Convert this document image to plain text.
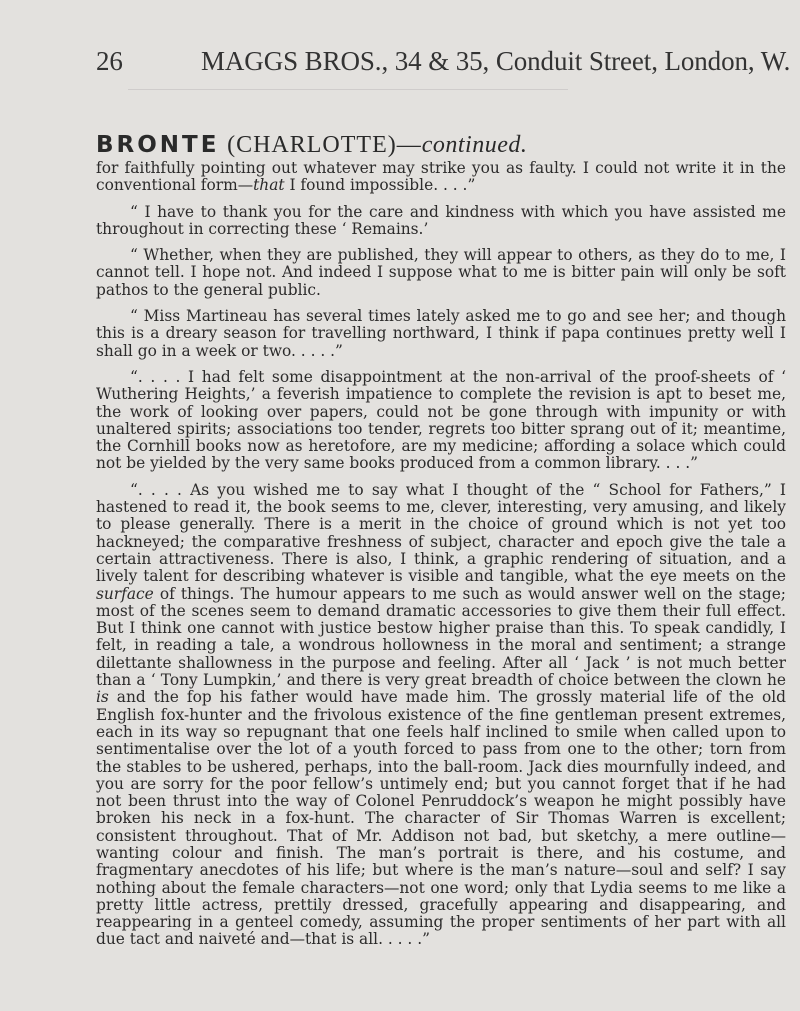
26	MAGGS BROS., 34 & 35, Conduit Street, London, W.
BRONTE (CHARLOTTE)—continued.

for faithfully pointing out whatever may strike you as faulty. I could not write it in the conventional form—that I found impossible. . . .”

“ I have to thank you for the care and kindness with which you have assisted me throughout in correcting these ‘ Remains.’

“ Whether, when they are published, they will appear to others, as they do to me, I cannot tell. I hope not. And indeed I suppose what to me is bitter pain will only be soft pathos to the general public.

“ Miss Martineau has several times lately asked me to go and see her; and though this is a dreary season for travelling northward, I think if papa continues pretty well I shall go in a week or two. . . . .”

“. . . . I had felt some disappointment at the non-arrival of the proof-sheets of ‘ Wuthering Heights,’ a feverish impatience to complete the revision is apt to beset me, the work of looking over papers, could not be gone through with impunity or with unaltered spirits; associations too tender, regrets too bitter sprang out of it; meantime, the Cornhill books now as heretofore, are my medicine; affording a solace which could not be yielded by the very same books produced from a common library. . . .”

“. . . . As you wished me to say what I thought of the “ School for Fathers,” I hastened to read it, the book seems to me, clever, interesting, very amusing, and likely to please generally. There is a merit in the choice of ground which is not yet too hackneyed; the comparative freshness of subject, character and epoch give the tale a certain attractiveness. There is also, I think, a graphic rendering of situation, and a lively talent for describing whatever is visible and tangible, what the eye meets on the surface of things. The humour appears to me such as would answer well on the stage; most of the scenes seem to demand dramatic accessories to give them their full effect. But I think one cannot with justice bestow higher praise than this. To speak candidly, I felt, in reading a tale, a wondrous hollowness in the moral and sentiment; a strange dilettante shallowness in the purpose and feeling. After all ‘ Jack ’ is not much better than a ‘ Tony Lumpkin,’ and there is very great breadth of choice between the clown he is and the fop his father would have made him. The grossly material life of the old English fox-hunter and the frivolous existence of the fine gentleman present extremes, each in its way so repugnant that one feels half inclined to smile when called upon to sentimentalise over the lot of a youth forced to pass from one to the other; torn from the stables to be ushered, perhaps, into the ball-room. Jack dies mournfully indeed, and you are sorry for the poor fellow’s untimely end; but you cannot forget that if he had not been thrust into the way of Colonel Penruddock’s weapon he might possibly have broken his neck in a fox-hunt. The character of Sir Thomas Warren is excellent; consistent throughout. That of Mr. Addison not bad, but sketchy, a mere outline—wanting colour and finish. The man’s portrait is there, and his costume, and fragmentary anecdotes of his life; but where is the man’s nature—soul and self? I say nothing about the female characters—not one word; only that Lydia seems to me like a pretty little actress, prettily dressed, gracefully appearing and disappearing, and reappearing in a genteel comedy, assuming the proper sentiments of her part with all due tact and naiveté and—that is all. . . . .”
